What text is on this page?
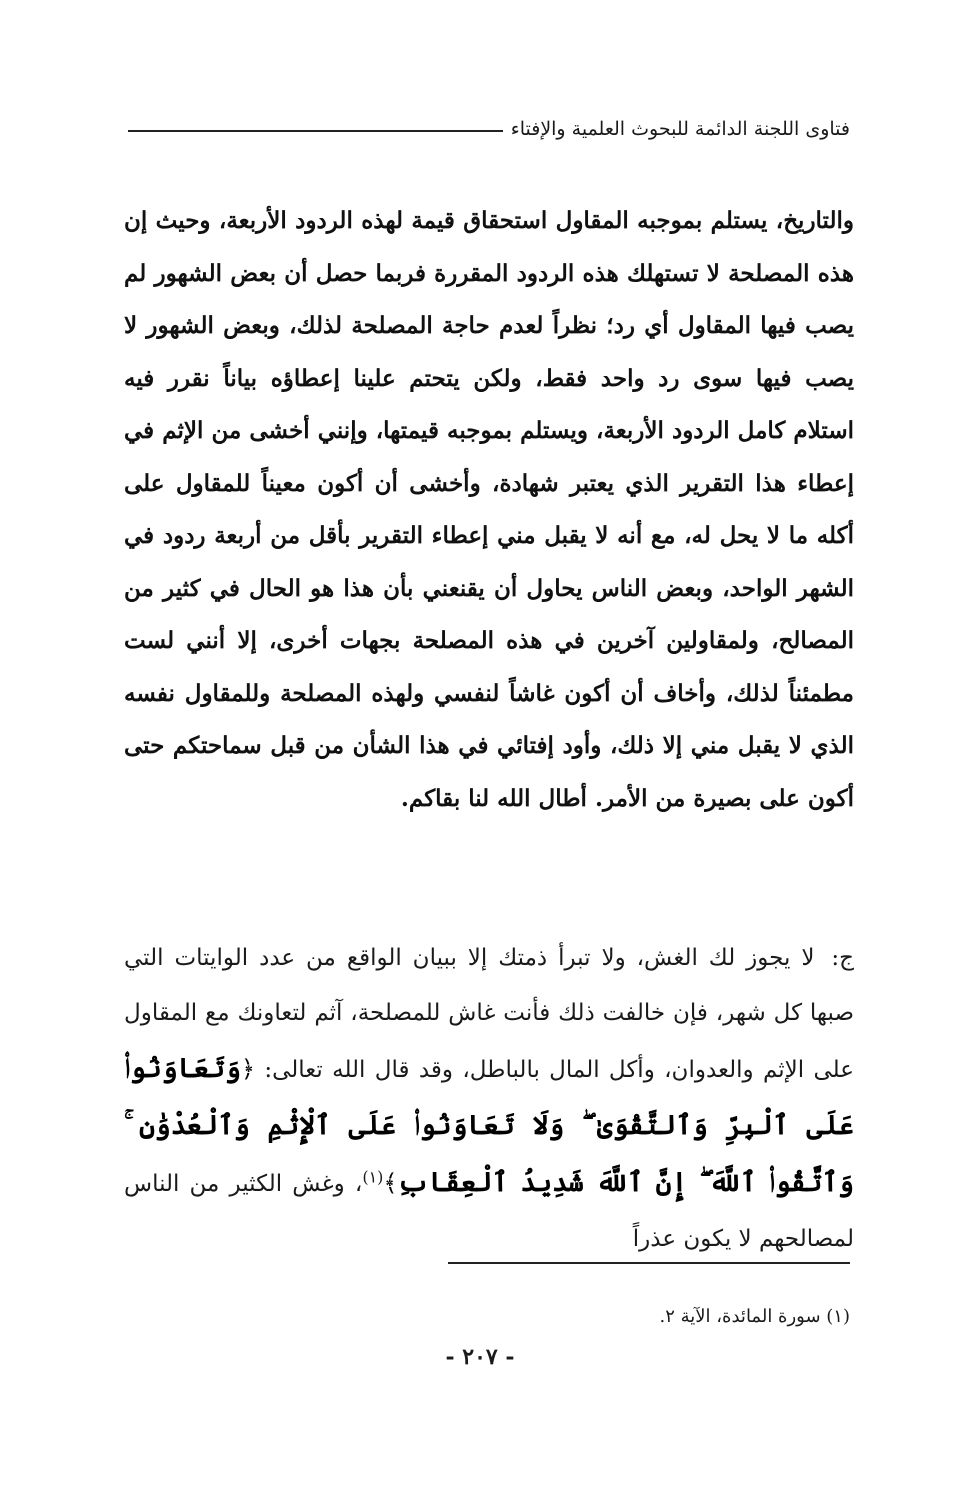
فتاوى اللجنة الدائمة للبحوث العلمية والإفتاء

والتاريخ، يستلم بموجبه المقاول استحقاق قيمة لهذه الردود الأربعة، وحيث إن هذه المصلحة لا تستهلك هذه الردود المقررة فربما حصل أن بعض الشهور لم يصب فيها المقاول أي رد؛ نظراً لعدم حاجة المصلحة لذلك، وبعض الشهور لا يصب فيها سوى رد واحد فقط، ولكن يتحتم علينا إعطاؤه بياناً نقرر فيه استلام كامل الردود الأربعة، ويستلم بموجبه قيمتها، وإنني أخشى من الإثم في إعطاء هذا التقرير الذي يعتبر شهادة، وأخشى أن أكون معيناً للمقاول على أكله ما لا يحل له، مع أنه لا يقبل مني إعطاء التقرير بأقل من أربعة ردود في الشهر الواحد، وبعض الناس يحاول أن يقنعني بأن هذا هو الحال في كثير من المصالح، ولمقاولين آخرين في هذه المصلحة بجهات أخرى، إلا أنني لست مطمئناً لذلك، وأخاف أن أكون غاشاً لنفسي ولهذه المصلحة وللمقاول نفسه الذي لا يقبل مني إلا ذلك، وأود إفتائي في هذا الشأن من قبل سماحتكم حتى أكون على بصيرة من الأمر. أطال الله لنا بقاكم.

ج: لا يجوز لك الغش، ولا تبرأ ذمتك إلا ببيان الواقع من عدد الوايتات التي صبها كل شهر، فإن خالفت ذلك فأنت غاش للمصلحة، آثم لتعاونك مع المقاول على الإثم والعدوان، وأكل المال بالباطل، وقد قال الله تعالى: ﴿وَتَعَاوَنُوا۟ عَلَى ٱلْبِرِّ وَٱلتَّقْوَىٰ ۖ وَلَا تَعَاوَنُوا۟ عَلَى ٱلْإِثْمِ وَٱلْعُدْوَٰنِ ۚ وَٱتَّقُوا۟ ٱللَّهَ ۖ إِنَّ ٱللَّهَ شَدِيدُ ٱلْعِقَابِ﴾$^{(١)}$، وغش الكثير من الناس لمصالحهم لا يكون عذراً

(١) سورة المائدة، الآية ٢.

- ٢٠٧ -
